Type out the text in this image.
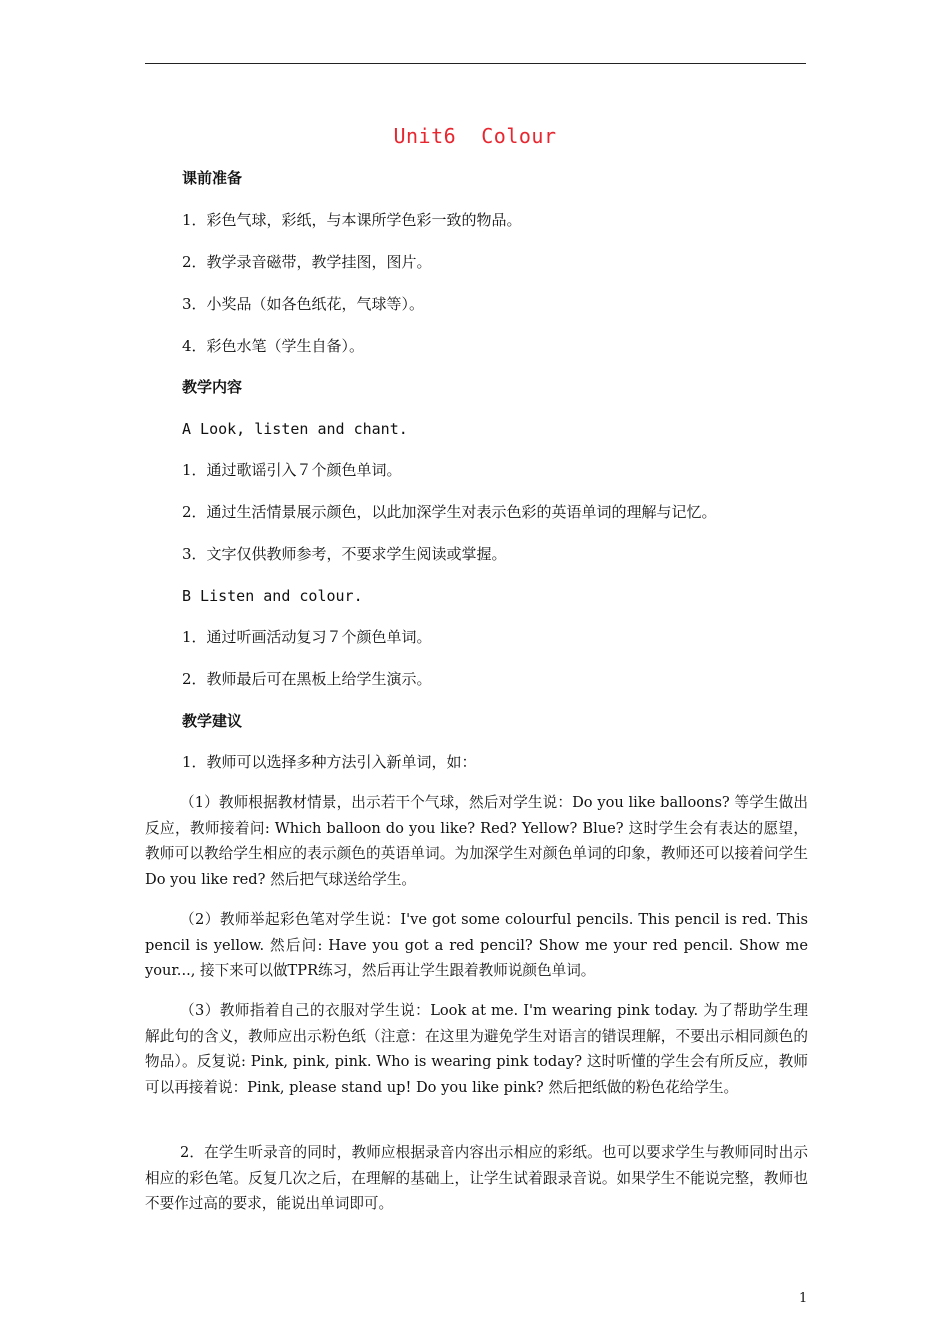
Unit6  Colour
课前准备
1．彩色气球，彩纸，与本课所学色彩一致的物品。
2．教学录音磁带，教学挂图，图片。
3．小奖品（如各色纸花，气球等）。
4．彩色水笔（学生自备）。
教学内容
A Look, listen and chant.
1．通过歌谣引入７个颜色单词。
2．通过生活情景展示颜色，以此加深学生对表示色彩的英语单词的理解与记忆。
3．文字仅供教师参考，不要求学生阅读或掌握。
B Listen and colour.
1．通过听画活动复习７个颜色单词。
2．教师最后可在黑板上给学生演示。
教学建议
1．教师可以选择多种方法引入新单词，如：
（1）教师根据教材情景，出示若干个气球，然后对学生说：Do you like balloons? 等学生做出反应，教师接着问: Which balloon do you like? Red? Yellow? Blue? 这时学生会有表达的愿望，教师可以教给学生相应的表示颜色的英语单词。为加深学生对颜色单词的印象，教师还可以接着问学生Do you like red? 然后把气球送给学生。
（2）教师举起彩色笔对学生说：I've got some colourful pencils. This pencil is red. This pencil is yellow. 然后问: Have you got a red pencil? Show me your red pencil. Show me your..., 接下来可以做TPR练习，然后再让学生跟着教师说颜色单词。
（3）教师指着自己的衣服对学生说：Look at me. I'm wearing pink today. 为了帮助学生理解此句的含义，教师应出示粉色纸（注意：在这里为避免学生对语言的错误理解，不要出示相同颜色的物品）。反复说: Pink, pink, pink. Who is wearing pink today? 这时听懂的学生会有所反应，教师可以再接着说：Pink, please stand up! Do you like pink? 然后把纸做的粉色花给学生。
2．在学生听录音的同时，教师应根据录音内容出示相应的彩纸。也可以要求学生与教师同时出示相应的彩色笔。反复几次之后，在理解的基础上，让学生试着跟录音说。如果学生不能说完整，教师也不要作过高的要求，能说出单词即可。
1
